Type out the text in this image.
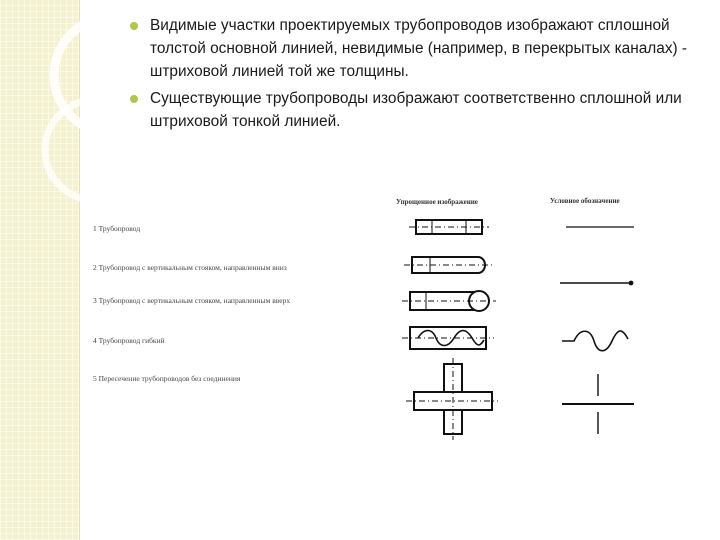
Видимые участки проектируемых трубопроводов изображают сплошной толстой основной линией, невидимые (например, в перекрытых каналах) - штриховой линией той же толщины.
Существующие трубопроводы изображают соответственно сплошной или штриховой тонкой линией.
Упрощенное изображение	Условное обозначение
1 Трубопровод
2 Трубопровод с вертикальным стояком, направленным вниз
3 Трубопровод с вертикальным стояком, направленным вверх
4 Трубопровод гибкий
5 Пересечение трубопроводов без соединения
